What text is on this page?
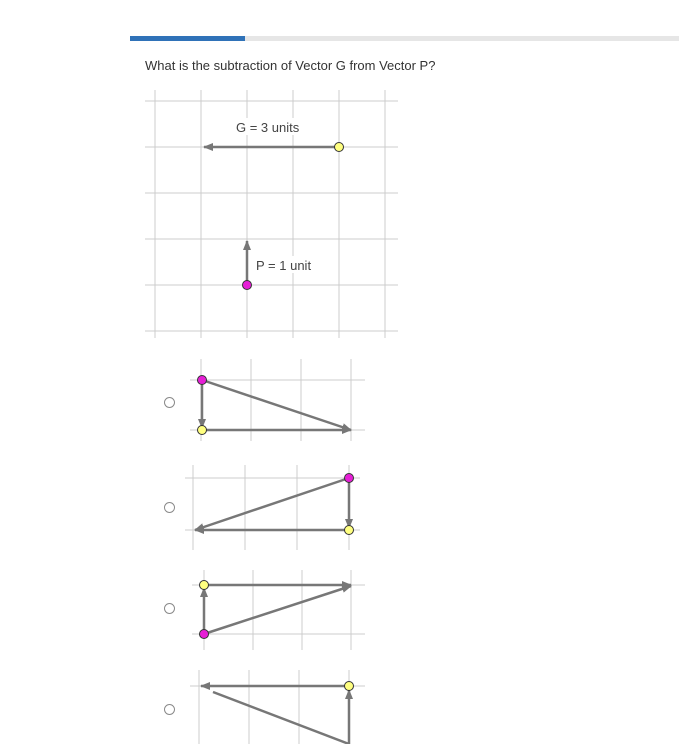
What is the subtraction of Vector G from Vector P?
G = 3 units
P = 1 unit
